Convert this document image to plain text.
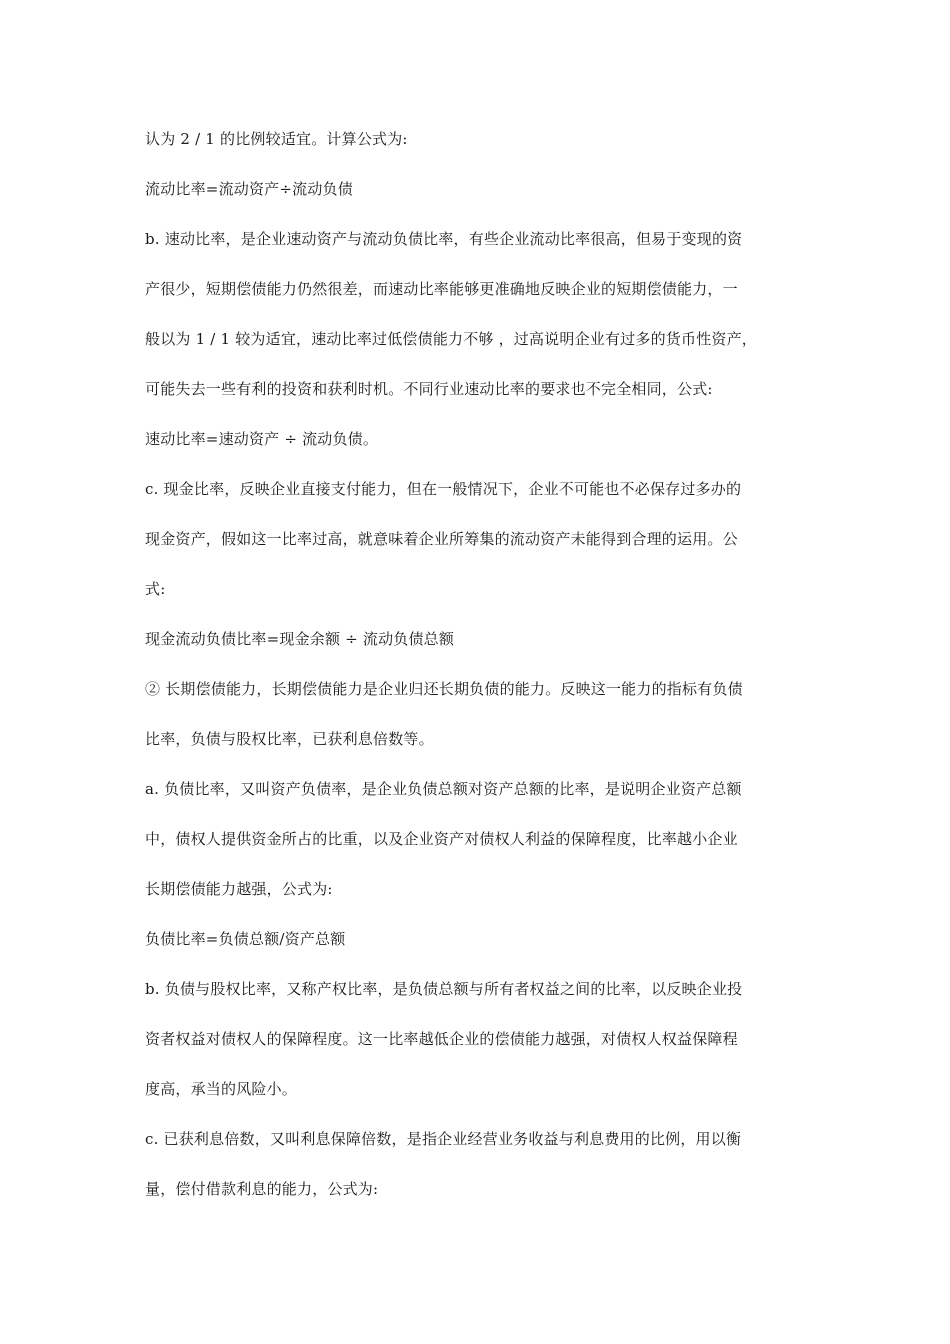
认为 2 / 1 的比例较适宜。计算公式为:
流动比率=流动资产÷流动负债
b. 速动比率，是企业速动资产与流动负债比率，有些企业流动比率很高，但易于变现的资
产很少，短期偿债能力仍然很差，而速动比率能够更准确地反映企业的短期偿债能力，一
般以为 1 / 1 较为适宜，速动比率过低偿债能力不够 ，过高说明企业有过多的货币性资产，
可能失去一些有利的投资和获利时机。不同行业速动比率的要求也不完全相同，公式:
速动比率=速动资产 ÷ 流动负债。
c. 现金比率，反映企业直接支付能力，但在一般情况下，企业不可能也不必保存过多办的
现金资产，假如这一比率过高，就意味着企业所筹集的流动资产未能得到合理的运用。公
式:
现金流动负债比率=现金余额 ÷ 流动负债总额
② 长期偿债能力，长期偿债能力是企业归还长期负债的能力。反映这一能力的指标有负债
比率，负债与股权比率，已获利息倍数等。
a. 负债比率，又叫资产负债率，是企业负债总额对资产总额的比率，是说明企业资产总额
中，债权人提供资金所占的比重，以及企业资产对债权人利益的保障程度，比率越小企业
长期偿债能力越强，公式为:
负债比率=负债总额/资产总额
b. 负债与股权比率，又称产权比率，是负债总额与所有者权益之间的比率，以反映企业投
资者权益对债权人的保障程度。这一比率越低企业的偿债能力越强，对债权人权益保障程
度高，承当的风险小。
c. 已获利息倍数，又叫利息保障倍数，是指企业经营业务收益与利息费用的比例，用以衡
量，偿付借款利息的能力，公式为:
